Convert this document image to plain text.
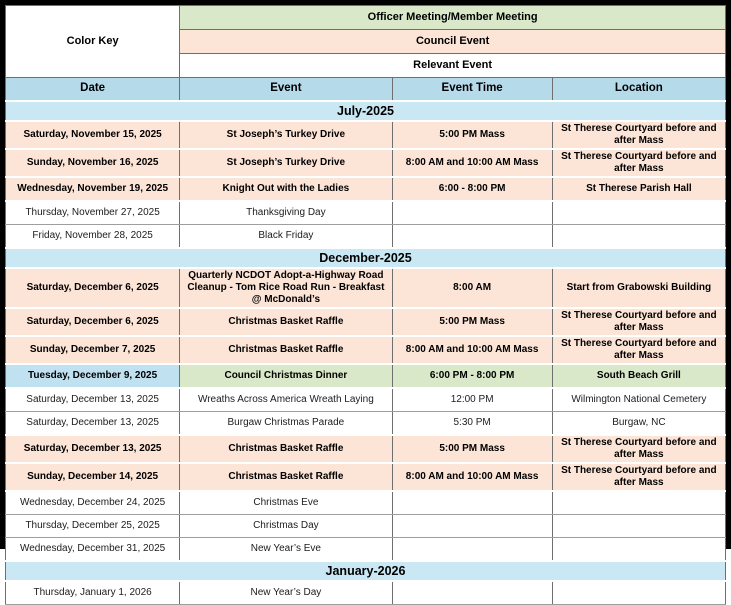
Color Key	Officer Meeting/Member Meeting		
	Council Event		
	Relevant Event		
Date	Event	Event Time	Location
July-2025			
Saturday, November 15, 2025	St Joseph’s Turkey Drive	5:00 PM Mass	St Therese Courtyard before and after Mass
Sunday, November 16, 2025	St Joseph’s Turkey Drive	8:00 AM and 10:00 AM Mass	St Therese Courtyard before and after Mass
Wednesday, November 19, 2025	Knight Out with the Ladies	6:00 - 8:00 PM	St Therese Parish Hall
Thursday, November 27, 2025	Thanksgiving Day		
Friday, November 28, 2025	Black Friday		
December-2025			
Saturday, December 6, 2025	Quarterly NCDOT Adopt-a-Highway Road Cleanup - Tom Rice Road Run - Breakfast @ McDonald’s	8:00 AM	Start from Grabowski Building
Saturday, December 6, 2025	Christmas Basket Raffle	5:00 PM Mass	St Therese Courtyard before and after Mass
Sunday, December 7, 2025	Christmas Basket Raffle	8:00 AM and 10:00 AM Mass	St Therese Courtyard before and after Mass
Tuesday, December 9, 2025	Council Christmas Dinner	6:00 PM - 8:00 PM	South Beach Grill
Saturday, December 13, 2025	Wreaths Across America Wreath Laying	12:00 PM	Wilmington National Cemetery
Saturday, December 13, 2025	Burgaw Christmas Parade	5:30 PM	Burgaw, NC
Saturday, December 13, 2025	Christmas Basket Raffle	5:00 PM Mass	St Therese Courtyard before and after Mass
Sunday, December 14, 2025	Christmas Basket Raffle	8:00 AM and 10:00 AM Mass	St Therese Courtyard before and after Mass
Wednesday, December 24, 2025	Christmas Eve		
Thursday, December 25, 2025	Christmas Day		
Wednesday, December 31, 2025	New Year’s Eve		
January-2026			
Thursday, January 1, 2026	New Year’s Day		
